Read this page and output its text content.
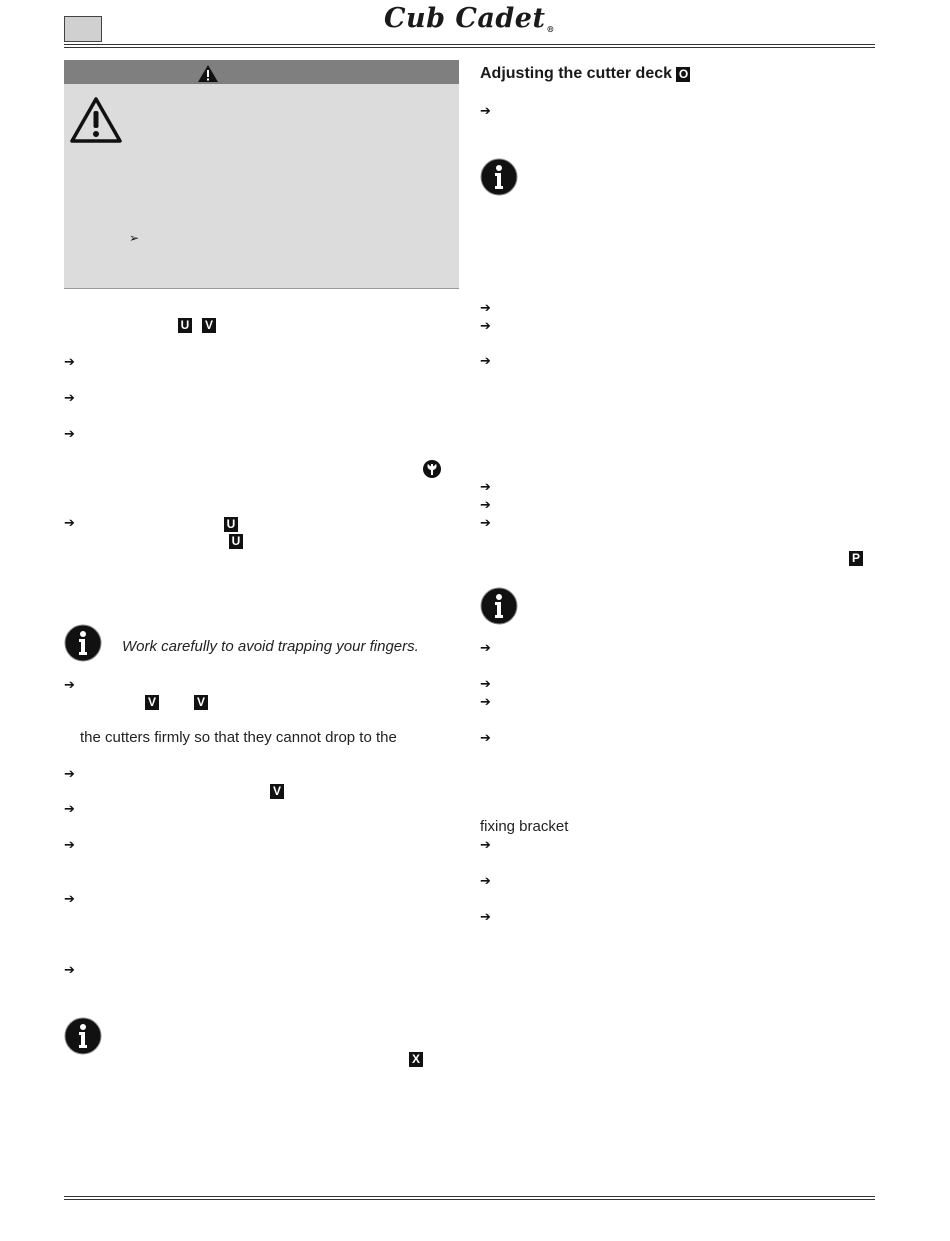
Cub Cadet®
➢
U V
➔
➔
➔
➔	U
U
Work carefully to avoid trapping your fingers.
➔
V	V
the cutters firmly so that they cannot drop to the
➔
V
➔
➔
➔
➔
X
Adjusting the cutter deck O
➔
➔
➔
➔
➔
➔
➔
P
➔
➔
➔
➔
fixing bracket
➔
➔
➔
